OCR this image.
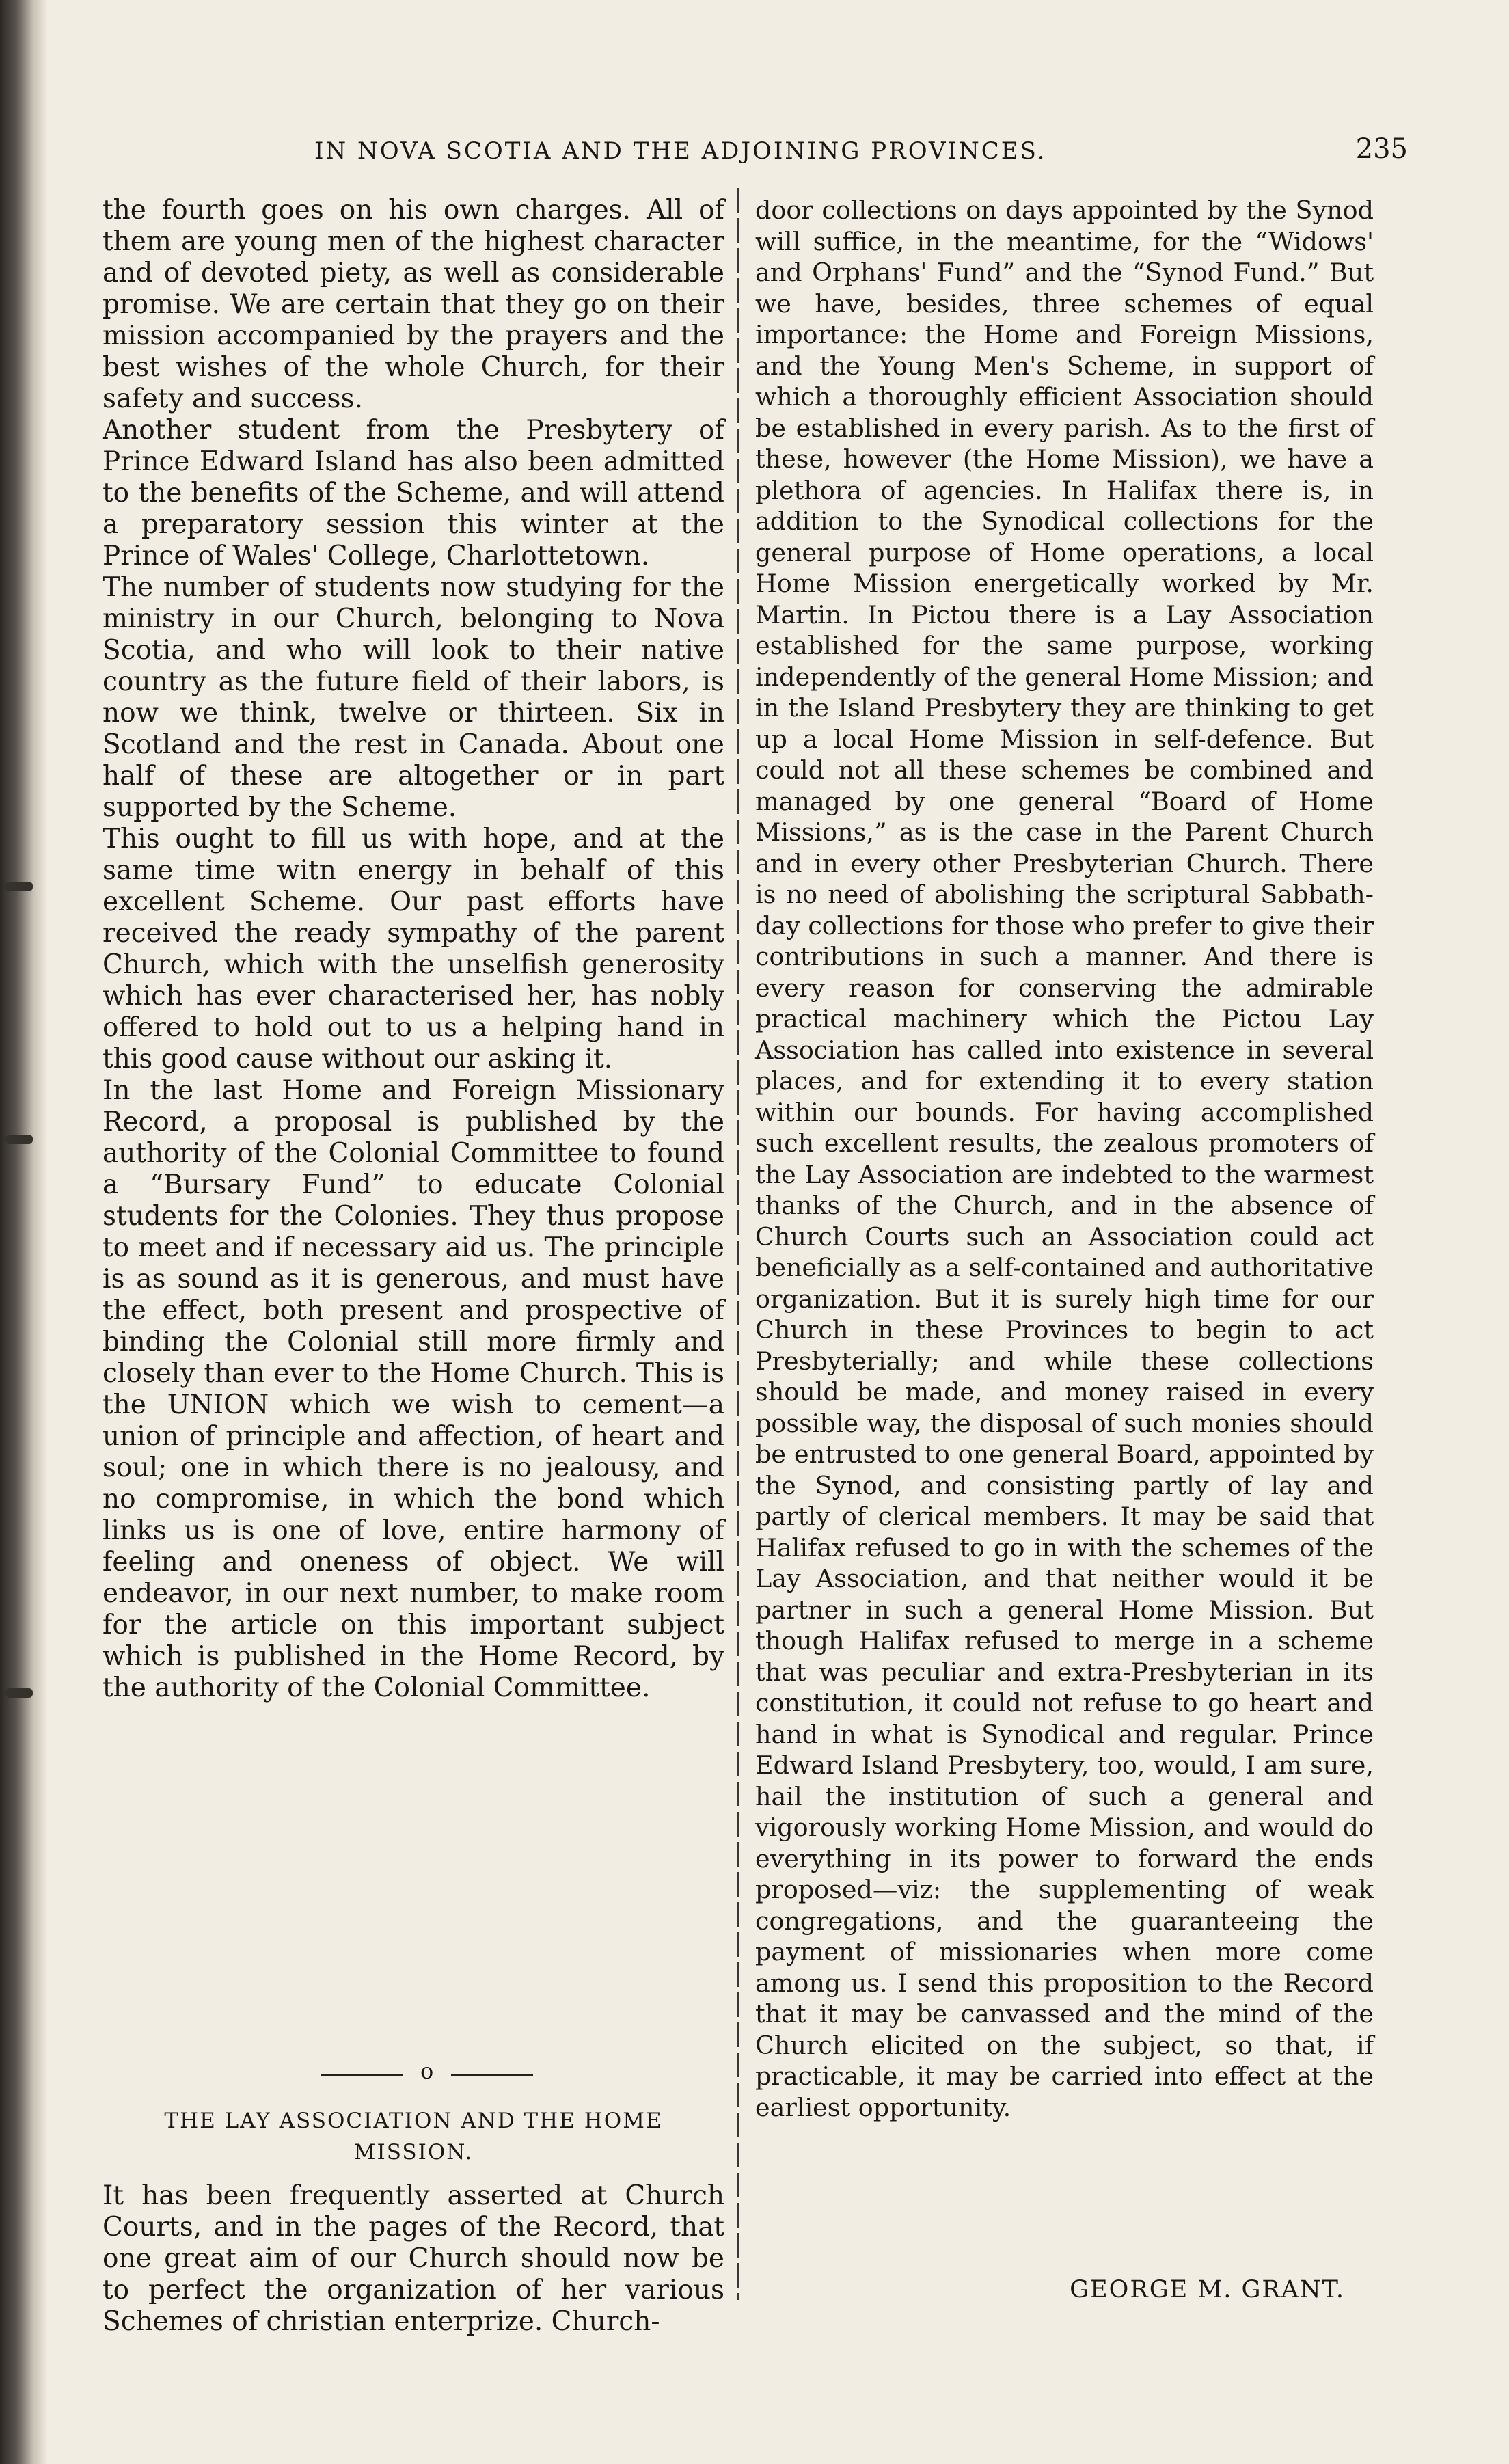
IN NOVA SCOTIA AND THE ADJOINING PROVINCES.	235
the fourth goes on his own charges. All of them are young men of the highest character and of devoted piety, as well as considerable promise. We are certain that they go on their mission accompanied by the prayers and the best wishes of the whole Church, for their safety and success.
Another student from the Presbytery of Prince Edward Island has also been admitted to the benefits of the Scheme, and will attend a preparatory session this winter at the Prince of Wales' College, Charlottetown.
The number of students now studying for the ministry in our Church, belonging to Nova Scotia, and who will look to their native country as the future field of their labors, is now we think, twelve or thirteen. Six in Scotland and the rest in Canada. About one half of these are altogether or in part supported by the Scheme.
This ought to fill us with hope, and at the same time witn energy in behalf of this excellent Scheme. Our past efforts have received the ready sympathy of the parent Church, which with the unselfish generosity which has ever characterised her, has nobly offered to hold out to us a helping hand in this good cause without our asking it.
In the last Home and Foreign Missionary Record, a proposal is published by the authority of the Colonial Committee to found a “Bursary Fund” to educate Colonial students for the Colonies. They thus propose to meet and if necessary aid us. The principle is as sound as it is generous, and must have the effect, both present and prospective of binding the Colonial still more firmly and closely than ever to the Home Church. This is the UNION which we wish to cement—a union of principle and affection, of heart and soul; one in which there is no jealousy, and no compromise, in which the bond which links us is one of love, entire harmony of feeling and oneness of object. We will endeavor, in our next number, to make room for the article on this important subject which is published in the Home Record, by the authority of the Colonial Committee.
door collections on days appointed by the Synod will suffice, in the meantime, for the “Widows' and Orphans' Fund” and the “Synod Fund.” But we have, besides, three schemes of equal importance: the Home and Foreign Missions, and the Young Men's Scheme, in support of which a thoroughly efficient Association should be established in every parish. As to the first of these, however (the Home Mission), we have a plethora of agencies. In Halifax there is, in addition to the Synodical collections for the general purpose of Home operations, a local Home Mission energetically worked by Mr. Martin. In Pictou there is a Lay Association established for the same purpose, working independently of the general Home Mission; and in the Island Presbytery they are thinking to get up a local Home Mission in self-defence. But could not all these schemes be combined and managed by one general “Board of Home Missions,” as is the case in the Parent Church and in every other Presbyterian Church. There is no need of abolishing the scriptural Sabbath-day collections for those who prefer to give their contributions in such a manner. And there is every reason for conserving the admirable practical machinery which the Pictou Lay Association has called into existence in several places, and for extending it to every station within our bounds. For having accomplished such excellent results, the zealous promoters of the Lay Association are indebted to the warmest thanks of the Church, and in the absence of Church Courts such an Association could act beneficially as a self-contained and authoritative organization. But it is surely high time for our Church in these Provinces to begin to act Presbyterially; and while these collections should be made, and money raised in every possible way, the disposal of such monies should be entrusted to one general Board, appointed by the Synod, and consisting partly of lay and partly of clerical members. It may be said that Halifax refused to go in with the schemes of the Lay Association, and that neither would it be partner in such a general Home Mission. But though Halifax refused to merge in a scheme that was peculiar and extra-Presbyterian in its constitution, it could not refuse to go heart and hand in what is Synodical and regular. Prince Edward Island Presbytery, too, would, I am sure, hail the institution of such a general and vigorously working Home Mission, and would do everything in its power to forward the ends proposed—viz: the supplementing of weak congregations, and the guaranteeing the payment of missionaries when more come among us. I send this proposition to the Record that it may be canvassed and the mind of the Church elicited on the subject, so that, if practicable, it may be carried into effect at the earliest opportunity.
o
THE LAY ASSOCIATION AND THE HOME
MISSION.
It has been frequently asserted at Church Courts, and in the pages of the Record, that one great aim of our Church should now be to perfect the organization of her various Schemes of christian enterprize. Church-
GEORGE M. GRANT.
